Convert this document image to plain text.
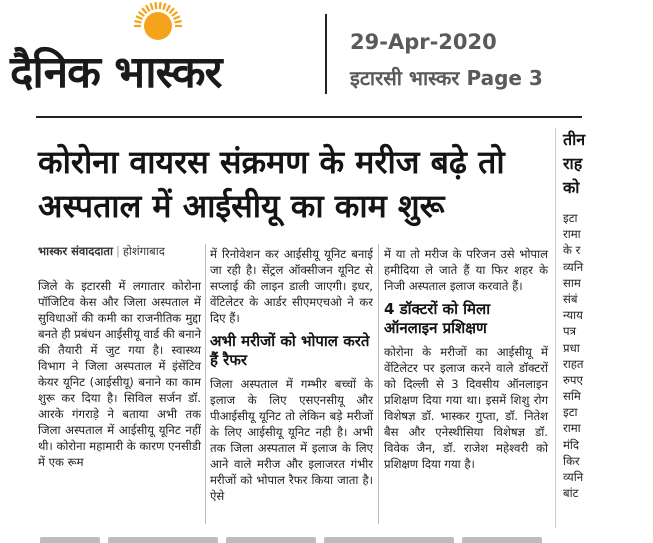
दैनिक भास्कर
29-Apr-2020
इटारसी भास्कर Page 3
कोरोना वायरस संक्रमण के मरीज बढ़े तो अस्पताल में आईसीयू का काम शुरू
भास्कर संवाददाता | होशंगाबाद

जिले के इटारसी में लगातार कोरोना पॉजिटिव केस और जिला अस्पताल में सुविधाओं की कमी का राजनीतिक मुद्दा बनते ही प्रबंधन आईसीयू वार्ड की बनाने की तैयारी में जुट गया है। स्वास्थ्य विभाग ने जिला अस्पताल में इंसेंटिव केयर यूनिट (आईसीयू) बनाने का काम शुरू कर दिया है। सिविल सर्जन डॉ. आरके गंगराड़े ने बताया अभी तक जिला अस्पताल में आईसीयू यूनिट नहीं थी। कोरोना महामारी के कारण एनसीडी में एक रूम

में रिनोवेशन कर आईसीयू यूनिट बनाई जा रही है। सेंट्रल ऑक्सीजन यूनिट से सप्लाई की लाइन डाली जाएगी। इधर, वेंटिलेटर के आर्डर सीएमएचओ ने कर दिए हैं।

अभी मरीजों को भोपाल करते हैं रैफर

जिला अस्पताल में गम्भीर बच्चों के इलाज के लिए एसएनसीयू और पीआईसीयू यूनिट तो लेकिन बड़े मरीजों के लिए आईसीयू यूनिट नही है। अभी तक जिला अस्पताल में इलाज के लिए आने वाले मरीज और इलाजरत गंभीर मरीजों को भोपाल रैफर किया जाता है। ऐसे

में या तो मरीज के परिजन उसे भोपाल हमीदिया ले जाते हैं या फिर शहर के निजी अस्पताल इलाज करवाते हैं।

4 डॉक्टरों को मिला ऑनलाइन प्रशिक्षण

कोरोना के मरीजों का आईसीयू में वेंटिलेटर पर इलाज करने वाले डॉक्टरों को दिल्ली से 3 दिवसीय ऑनलाइन प्रशिक्षण दिया गया था। इसमें शिशु रोग विशेषज्ञ डॉ. भास्कर गुप्ता, डॉ. नितेश बैस और एनेस्थीसिया विशेषज्ञ डॉ. विवेक जैन, डॉ. राजेश महेश्वरी को प्रशिक्षण दिया गया है।

तीन
राह
को
इटा
रामा
के र
व्यनि
साम
संबं
न्याय
पत्र
प्रधा
राहत
रुपए
समि
इटा
रामा
मंदि
किर
व्यनि
बांट
